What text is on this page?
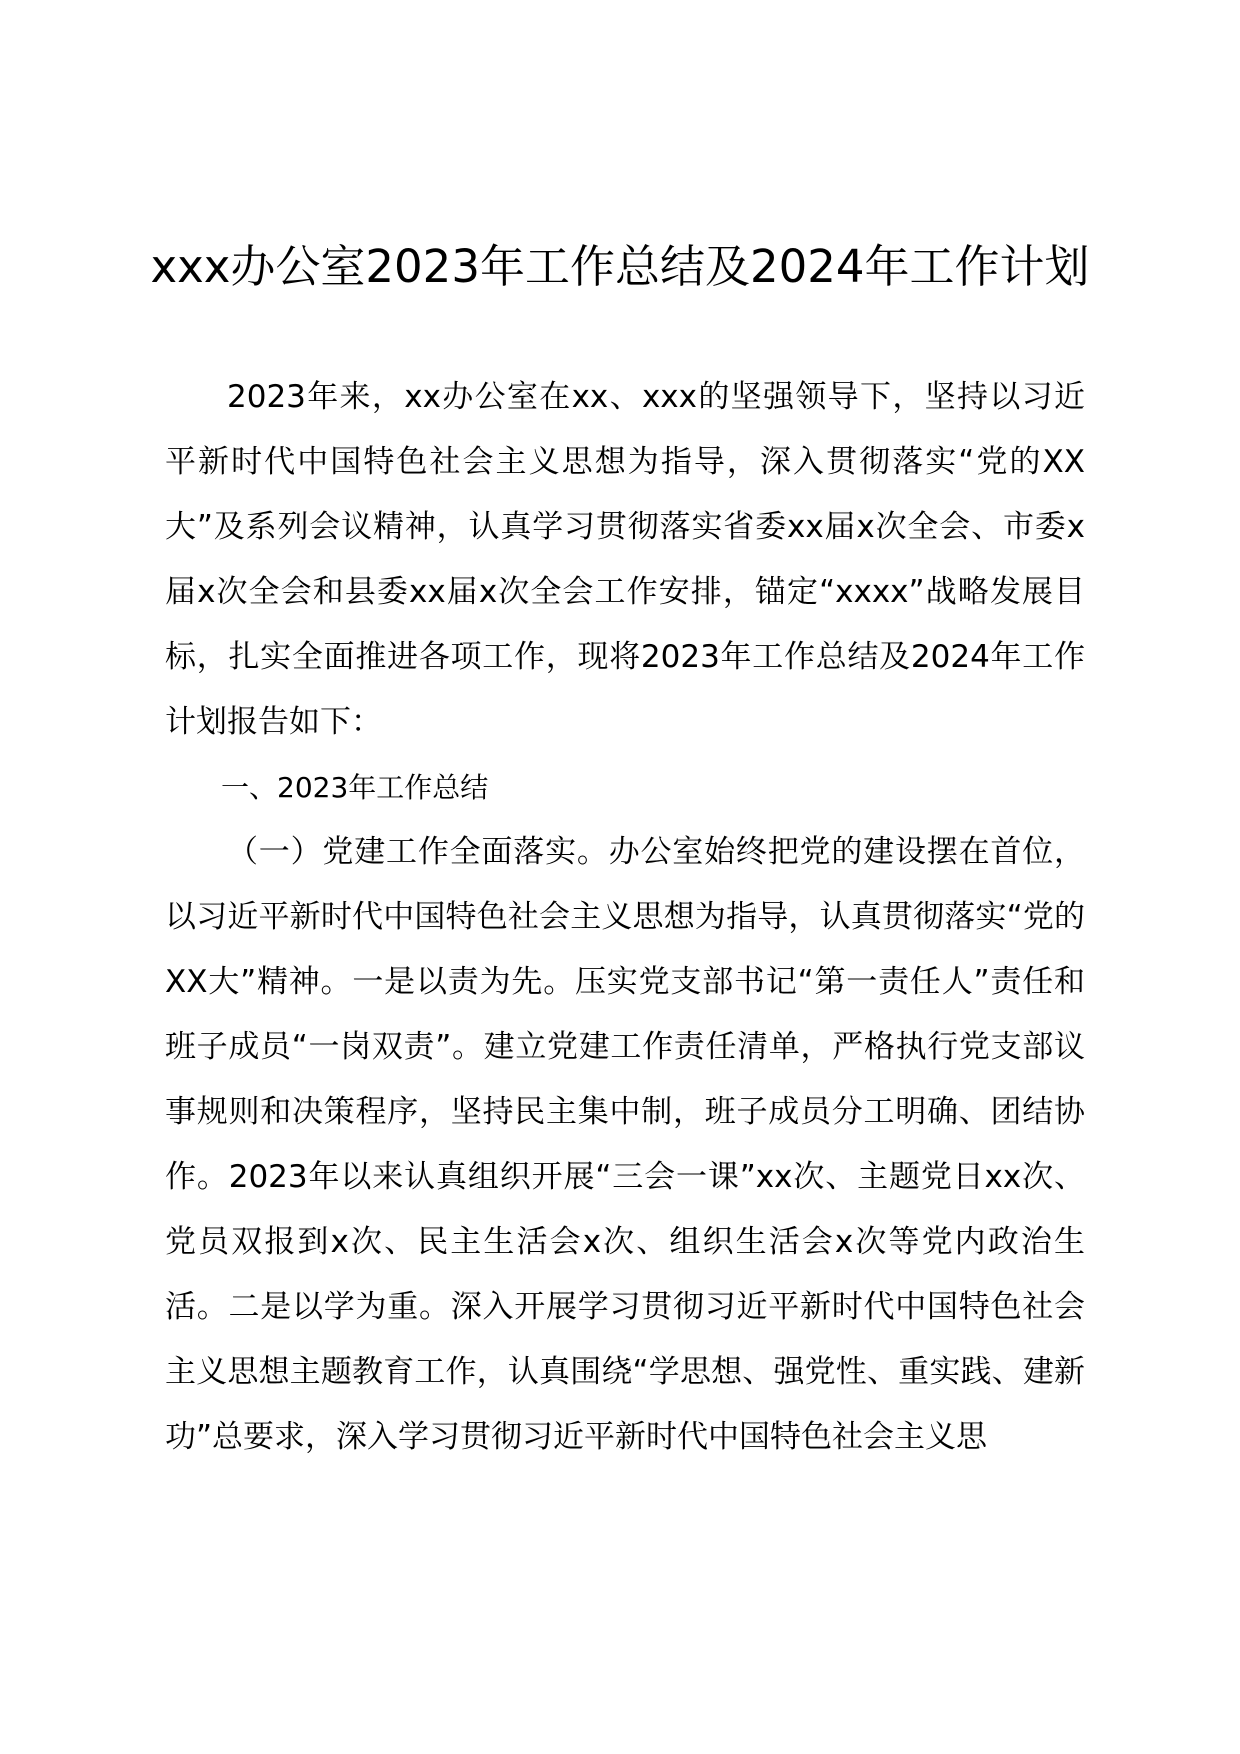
xxx办公室2023年工作总结及2024年工作计划

2023年来，xx办公室在xx、xxx的坚强领导下，坚持以习近平新时代中国特色社会主义思想为指导，深入贯彻落实“党的XX大”及系列会议精神，认真学习贯彻落实省委xx届x次全会、市委x届x次全会和县委xx届x次全会工作安排，锚定“xxxx”战略发展目标，扎实全面推进各项工作，现将2023年工作总结及2024年工作计划报告如下：

一、2023年工作总结

（一）党建工作全面落实。办公室始终把党的建设摆在首位，以习近平新时代中国特色社会主义思想为指导，认真贯彻落实“党的XX大”精神。一是以责为先。压实党支部书记“第一责任人”责任和班子成员“一岗双责”。建立党建工作责任清单，严格执行党支部议事规则和决策程序，坚持民主集中制，班子成员分工明确、团结协作。2023年以来认真组织开展“三会一课”xx次、主题党日xx次、党员双报到x次、民主生活会x次、组织生活会x次等党内政治生活。二是以学为重。深入开展学习贯彻习近平新时代中国特色社会主义思想主题教育工作，认真围绕“学思想、强党性、重实践、建新功”总要求，深入学习贯彻习近平新时代中国特色社会主义思
